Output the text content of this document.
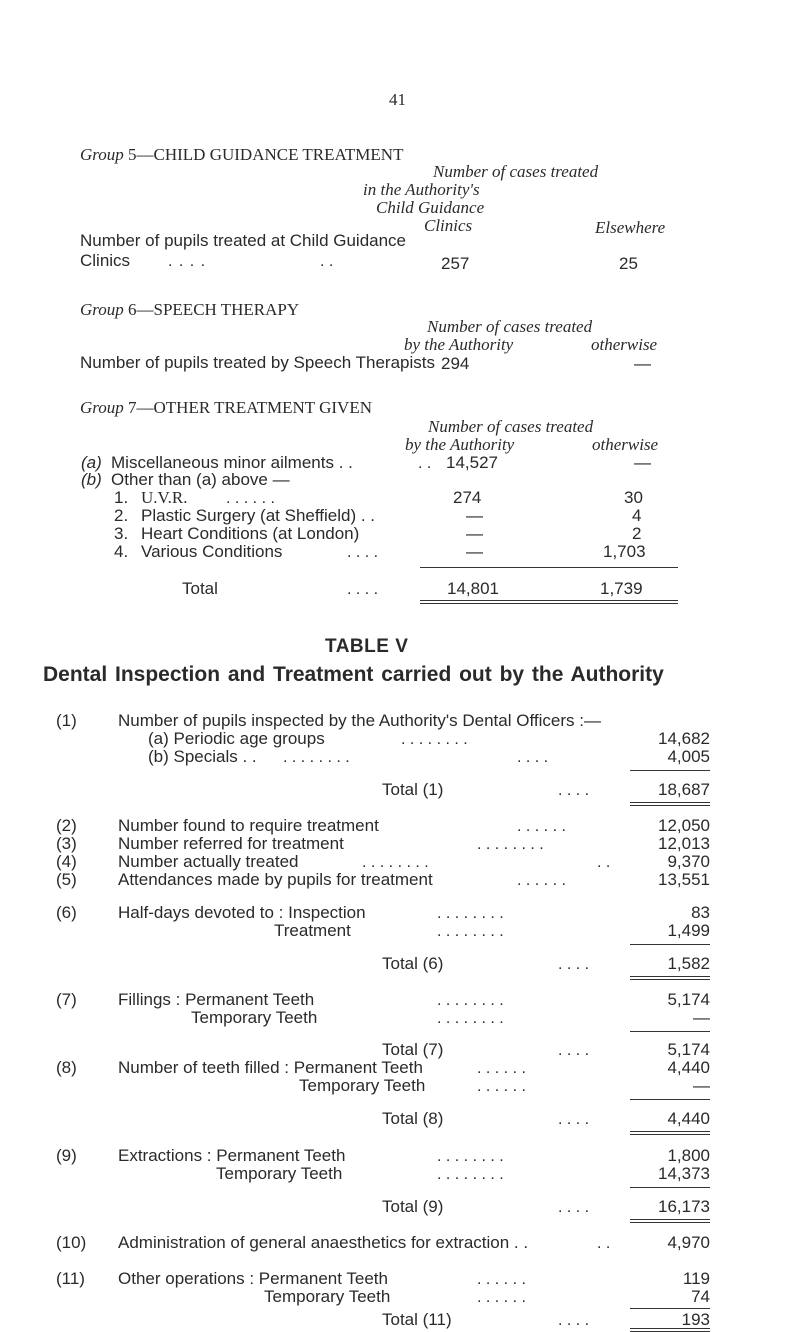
41
Group 5—CHILD GUIDANCE TREATMENT
Number of cases treated
in the Authority's
Child Guidance
Clinics	Elsewhere
Number of pupils treated at Child Guidance
Clinics . . . .	. .	257	25
Group 6—SPEECH THERAPY
Number of cases treated
by the Authority	otherwise
Number of pupils treated by Speech Therapists 294	—
Group 7—OTHER TREATMENT GIVEN
Number of cases treated
by the Authority	otherwise
(a) Miscellaneous minor ailments . .	. . 14,527	—
(b) Other than (a) above —
1. U.V.R. . . . . . .	274	30
2. Plastic Surgery (at Sheffield) . .	—	4
3. Heart Conditions (at London)	—	2
4. Various Conditions	. . . .	—	1,703
Total	. . . .	14,801	1,739
TABLE V
Dental Inspection and Treatment carried out by the Authority
(1) Number of pupils inspected by the Authority's Dental Officers :—
(a) Periodic age groups	. . . . . . . .	14,682
(b) Specials . . . . . . . . . .	. . . .	4,005
Total (1)	. . . .	18,687
(2) Number found to require treatment	. . . . . .	12,050
(3) Number referred for treatment	. . . . . . . .	12,013
(4) Number actually treated	. . . . . . . .	. .	9,370
(5) Attendances made by pupils for treatment	. . . . . .	13,551
(6) Half-days devoted to : Inspection	. . . . . . . .	83
Treatment	. . . . . . . .	1,499
Total (6)	. . . .	1,582
(7) Fillings : Permanent Teeth	. . . . . . . .	5,174
Temporary Teeth	. . . . . . . .	—
Total (7)	. . . .	5,174
(8) Number of teeth filled : Permanent Teeth	. . . . . .	4,440
Temporary Teeth	. . . . . .	—
Total (8)	. . . .	4,440
(9) Extractions : Permanent Teeth	. . . . . . . .	1,800
Temporary Teeth	. . . . . . . .	14,373
Total (9)	. . . .	16,173
(10) Administration of general anaesthetics for extraction . .	. .	4,970
(11) Other operations : Permanent Teeth	. . . . . .	119
Temporary Teeth	. . . . . .	74
Total (11)	. . . .	193
